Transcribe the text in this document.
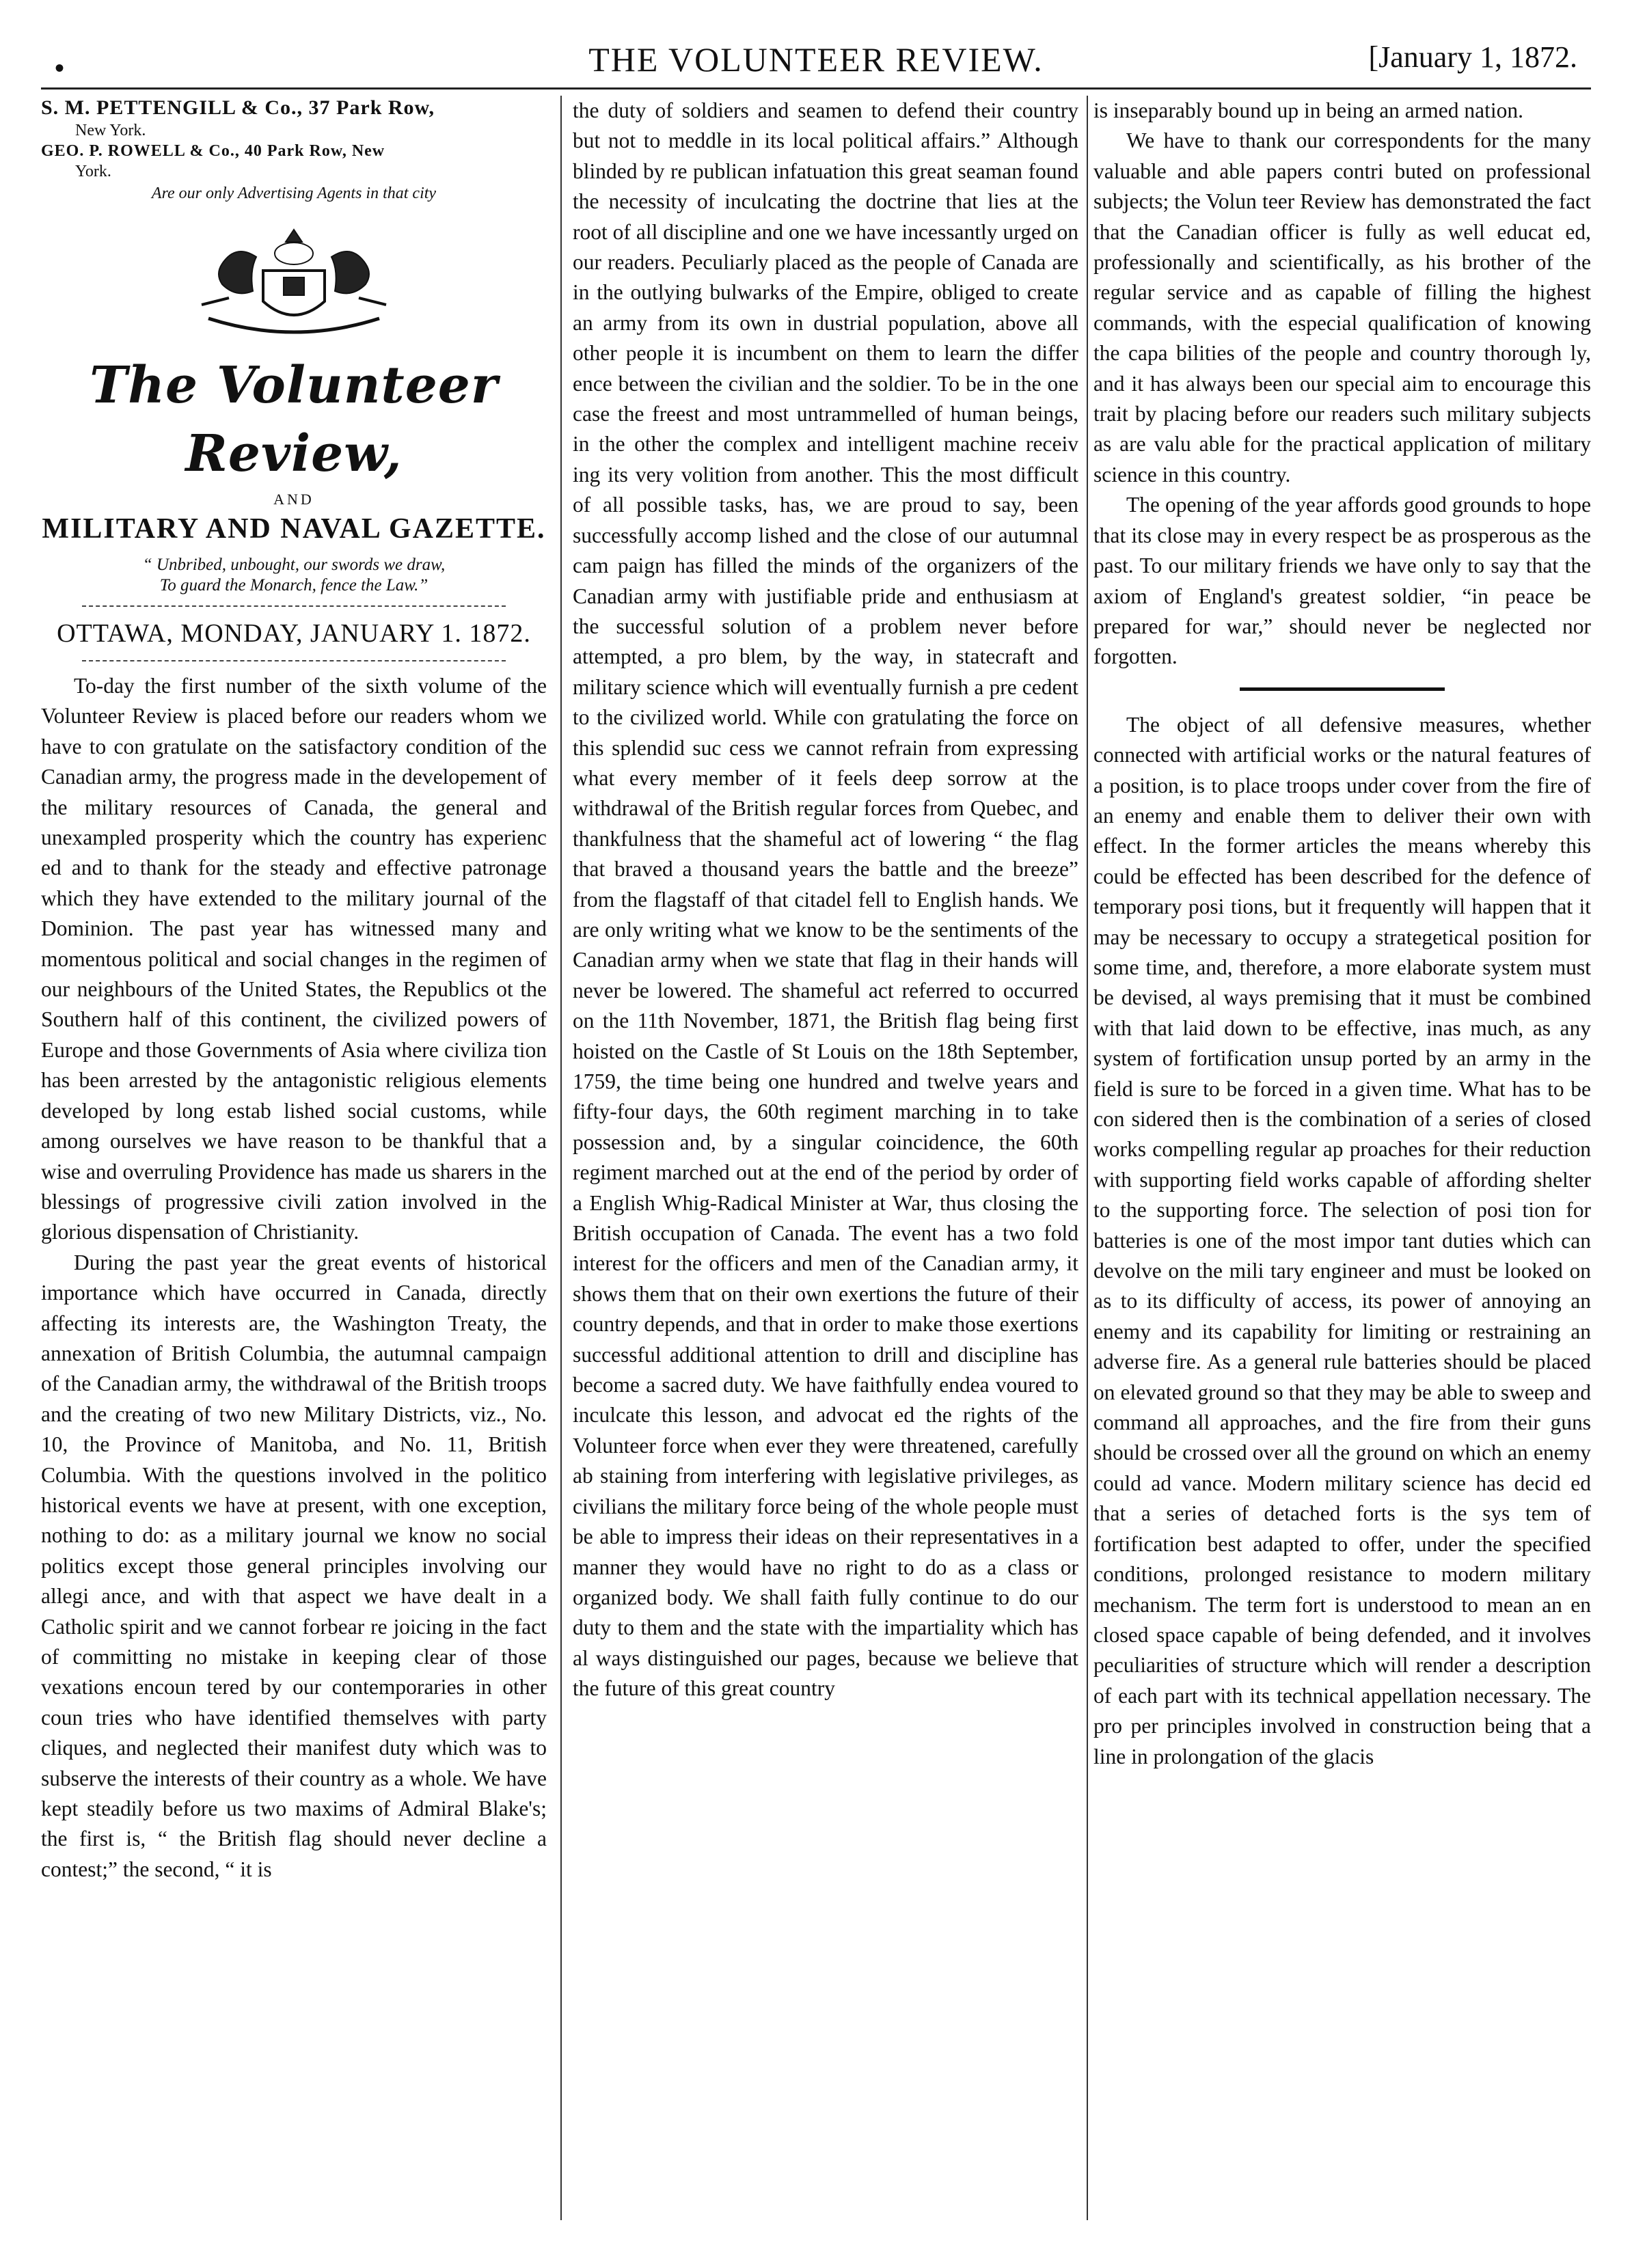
•	THE VOLUNTEER REVIEW.	[January 1, 1872.

S. M. PETTENGILL & Co., 37 Park Row,

New York.

GEO. P. ROWELL & Co., 40 Park Row, New

York.

Are our only Advertising Agents in that city

The Volunteer Review,
AND
MILITARY AND NAVAL GAZETTE.

“ Unbribed, unbought, our swords we draw,

To guard the Monarch, fence the Law.”

OTTAWA, MONDAY, JANUARY 1. 1872.

To-day the first number of the sixth volume of the Volunteer Review is placed before our readers whom we have to con gratulate on the satisfactory condition of the Canadian army, the progress made in the developement of the military resources of Canada, the general and unexampled prosperity which the country has experienc ed and to thank for the steady and effective patronage which they have extended to the military journal of the Dominion. The past year has witnessed many and momentous political and social changes in the regimen of our neighbours of the United States, the Republics ot the Southern half of this continent, the civilized powers of Europe and those Governments of Asia where civiliza tion has been arrested by the antagonistic religious elements developed by long estab lished social customs, while among ourselves we have reason to be thankful that a wise and overruling Providence has made us sharers in the blessings of progressive civili zation involved in the glorious dispensation of Christianity.

During the past year the great events of historical importance which have occurred in Canada, directly affecting its interests are, the Washington Treaty, the annexation of British Columbia, the autumnal campaign of the Canadian army, the withdrawal of the British troops and the creating of two new Military Districts, viz., No. 10, the Province of Manitoba, and No. 11, British Columbia. With the questions involved in the politico historical events we have at present, with one exception, nothing to do: as a military journal we know no social politics except those general principles involving our allegi ance, and with that aspect we have dealt in a Catholic spirit and we cannot forbear re joicing in the fact of committing no mistake in keeping clear of those vexations encoun tered by our contemporaries in other coun tries who have identified themselves with party cliques, and neglected their manifest duty which was to subserve the interests of their country as a whole. We have kept steadily before us two maxims of Admiral Blake's; the first is, “ the British flag should never decline a contest;” the second, “ it is

the duty of soldiers and seamen to defend their country but not to meddle in its local political affairs.” Although blinded by re publican infatuation this great seaman found the necessity of inculcating the doctrine that lies at the root of all discipline and one we have incessantly urged on our readers. Peculiarly placed as the people of Canada are in the outlying bulwarks of the Empire, obliged to create an army from its own in dustrial population, above all other people it is incumbent on them to learn the differ ence between the civilian and the soldier. To be in the one case the freest and most untrammelled of human beings, in the other the complex and intelligent machine receiv ing its very volition from another. This the most difficult of all possible tasks, has, we are proud to say, been successfully accomp lished and the close of our autumnal cam paign has filled the minds of the organizers of the Canadian army with justifiable pride and enthusiasm at the successful solution of a problem never before attempted, a pro blem, by the way, in statecraft and military science which will eventually furnish a pre cedent to the civilized world. While con gratulating the force on this splendid suc cess we cannot refrain from expressing what every member of it feels deep sorrow at the withdrawal of the British regular forces from Quebec, and thankfulness that the shameful act of lowering “ the flag that braved a thousand years the battle and the breeze” from the flagstaff of that citadel fell to English hands. We are only writing what we know to be the sentiments of the Canadian army when we state that flag in their hands will never be lowered. The shameful act referred to occurred on the 11th November, 1871, the British flag being first hoisted on the Castle of St Louis on the 18th September, 1759, the time being one hundred and twelve years and fifty-four days, the 60th regiment marching in to take possession and, by a singular coincidence, the 60th regiment marched out at the end of the period by order of a English Whig-Radical Minister at War, thus closing the British occupation of Canada. The event has a two fold interest for the officers and men of the Canadian army, it shows them that on their own exertions the future of their country depends, and that in order to make those exertions successful additional attention to drill and discipline has become a sacred duty. We have faithfully endea voured to inculcate this lesson, and advocat ed the rights of the Volunteer force when ever they were threatened, carefully ab staining from interfering with legislative privileges, as civilians the military force being of the whole people must be able to impress their ideas on their representatives in a manner they would have no right to do as a class or organized body. We shall faith fully continue to do our duty to them and the state with the impartiality which has al ways distinguished our pages, because we believe that the future of this great country

is inseparably bound up in being an armed nation.

We have to thank our correspondents for the many valuable and able papers contri buted on professional subjects; the Volun teer Review has demonstrated the fact that the Canadian officer is fully as well educat ed, professionally and scientifically, as his brother of the regular service and as capable of filling the highest commands, with the especial qualification of knowing the capa bilities of the people and country thorough ly, and it has always been our special aim to encourage this trait by placing before our readers such military subjects as are valu able for the practical application of military science in this country.

The opening of the year affords good grounds to hope that its close may in every respect be as prosperous as the past. To our military friends we have only to say that the axiom of England's greatest soldier, “in peace be prepared for war,” should never be neglected nor forgotten.

The object of all defensive measures, whether connected with artificial works or the natural features of a position, is to place troops under cover from the fire of an enemy and enable them to deliver their own with effect. In the former articles the means whereby this could be effected has been described for the defence of temporary posi tions, but it frequently will happen that it may be necessary to occupy a strategetical position for some time, and, therefore, a more elaborate system must be devised, al ways premising that it must be combined with that laid down to be effective, inas much, as any system of fortification unsup ported by an army in the field is sure to be forced in a given time. What has to be con sidered then is the combination of a series of closed works compelling regular ap proaches for their reduction with supporting field works capable of affording shelter to the supporting force. The selection of posi tion for batteries is one of the most impor tant duties which can devolve on the mili tary engineer and must be looked on as to its difficulty of access, its power of annoying an enemy and its capability for limiting or restraining an adverse fire. As a general rule batteries should be placed on elevated ground so that they may be able to sweep and command all approaches, and the fire from their guns should be crossed over all the ground on which an enemy could ad vance. Modern military science has decid ed that a series of detached forts is the sys tem of fortification best adapted to offer, under the specified conditions, prolonged resistance to modern military mechanism. The term fort is understood to mean an en closed space capable of being defended, and it involves peculiarities of structure which will render a description of each part with its technical appellation necessary. The pro per principles involved in construction being that a line in prolongation of the glacis
